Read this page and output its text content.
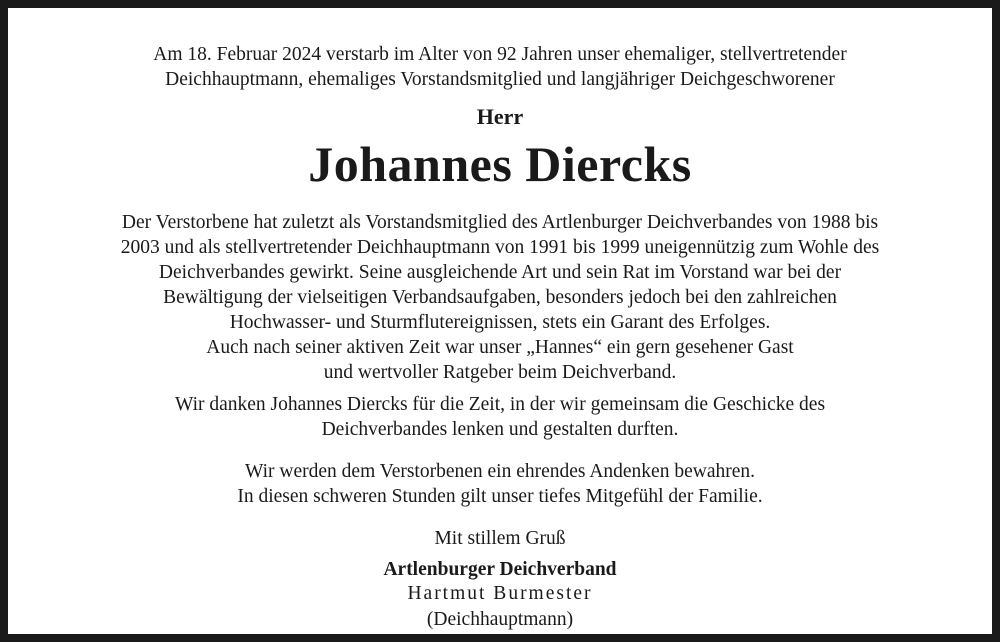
Am 18. Februar 2024 verstarb im Alter von 92 Jahren unser ehemaliger, stellvertretender
Deichhauptmann, ehemaliges Vorstandsmitglied und langjähriger Deichgeschworener
Herr
Johannes Diercks
Der Verstorbene hat zuletzt als Vorstandsmitglied des Artlenburger Deichverbandes von 1988 bis
2003 und als stellvertretender Deichhauptmann von 1991 bis 1999 uneigennützig zum Wohle des
Deichverbandes gewirkt. Seine ausgleichende Art und sein Rat im Vorstand war bei der
Bewältigung der vielseitigen Verbandsaufgaben, besonders jedoch bei den zahlreichen
Hochwasser- und Sturmflutereignissen, stets ein Garant des Erfolges.
Auch nach seiner aktiven Zeit war unser „Hannes“ ein gern gesehener Gast
und wertvoller Ratgeber beim Deichverband.
Wir danken Johannes Diercks für die Zeit, in der wir gemeinsam die Geschicke des
Deichverbandes lenken und gestalten durften.
Wir werden dem Verstorbenen ein ehrendes Andenken bewahren.
In diesen schweren Stunden gilt unser tiefes Mitgefühl der Familie.
Mit stillem Gruß
Artlenburger Deichverband
Hartmut Burmester
(Deichhauptmann)
